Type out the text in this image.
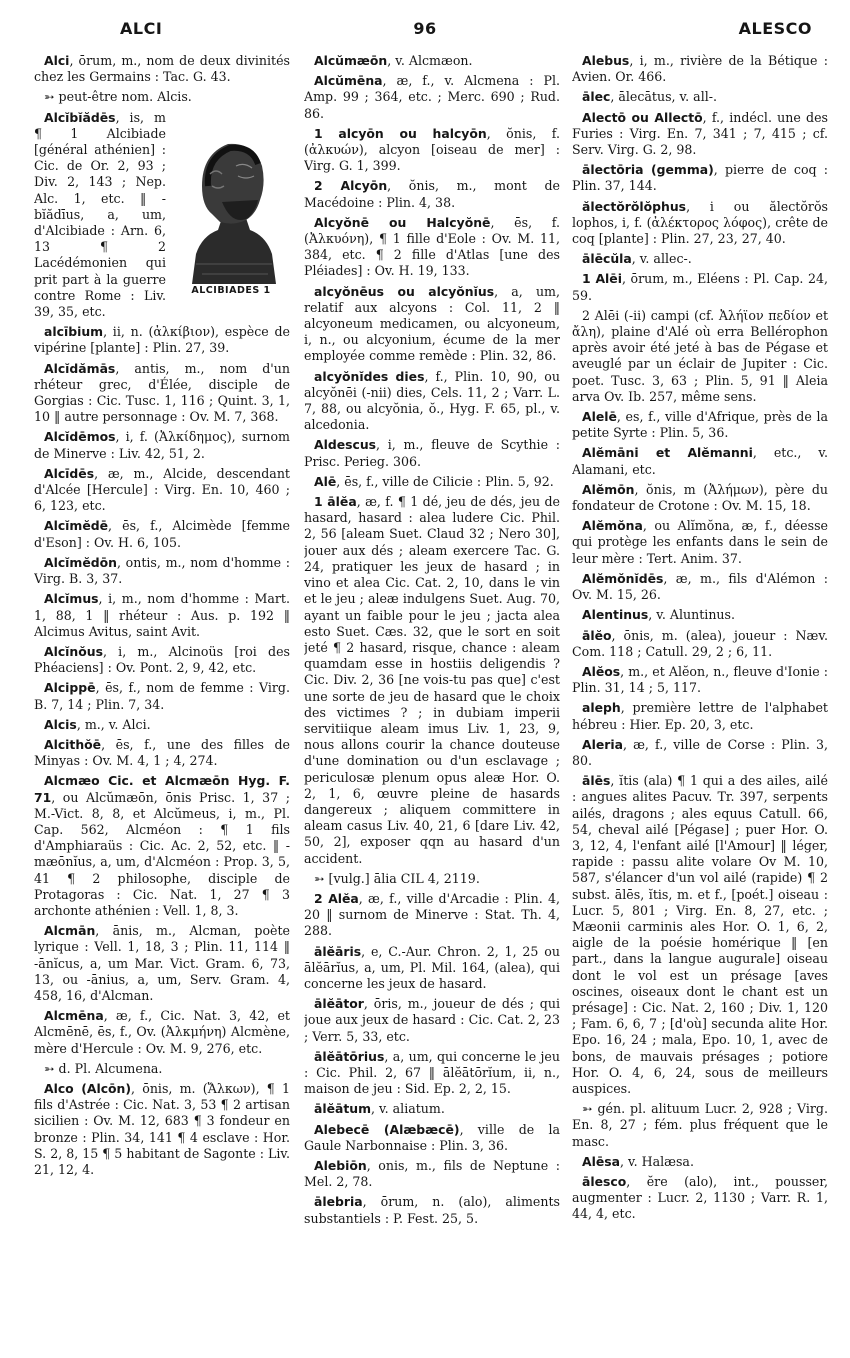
ALCI	96	ALESCO

Alci, ōrum, m., nom de deux divinités chez les Germains : Tac. G. 43.

➳ peut-être nom. Alcis.

ALCIBIADES 1

Alcĭbĭădēs, is, m ¶ 1 Alcibiade [général athénien] : Cic. de Or. 2, 93 ; Div. 2, 143 ; Nep. Alc. 1, etc. ‖ -bĭădīus, a, um, d'Alcibiade : Arn. 6, 13 ¶ 2 Lacédémonien qui prit part à la guerre contre Rome : Liv. 39, 35, etc.

alcībium, ii, n. (ἀλκίβιον), espèce de vipérine [plante] : Plin. 27, 39.

Alcĭdămās, antis, m., nom d'un rhéteur grec, d'Élée, disciple de Gorgias : Cic. Tusc. 1, 116 ; Quint. 3, 1, 10 ‖ autre personnage : Ov. M. 7, 368.

Alcĭdēmos, i, f. (Ἀλκίδημος), surnom de Minerve : Liv. 42, 51, 2.

Alcīdēs, æ, m., Alcide, descendant d'Alcée [Hercule] : Virg. En. 10, 460 ; 6, 123, etc.

Alcĭmĕdē, ēs, f., Alcimède [femme d'Eson] : Ov. H. 6, 105.

Alcĭmĕdōn, ontis, m., nom d'homme : Virg. B. 3, 37.

Alcĭmus, i, m., nom d'homme : Mart. 1, 88, 1 ‖ rhéteur : Aus. p. 192 ‖ Alcimus Avitus, saint Avit.

Alcĭnŏus, i, m., Alcinoüs [roi des Phéaciens] : Ov. Pont. 2, 9, 42, etc.

Alcippē, ēs, f., nom de femme : Virg. B. 7, 14 ; Plin. 7, 34.

Alcis, m., v. Alci.

Alcithŏē, ēs, f., une des filles de Minyas : Ov. M. 4, 1 ; 4, 274.

Alcmæo Cic. et Alcmæōn Hyg. F. 71, ou Alcŭmæōn, ōnis Prisc. 1, 37 ; M.-Vict. 8, 8, et Alcŭmeus, i, m., Pl. Cap. 562, Alcméon : ¶ 1 fils d'Amphiaraüs : Cic. Ac. 2, 52, etc. ‖ -mæōnĭus, a, um, d'Alcméon : Prop. 3, 5, 41 ¶ 2 philosophe, disciple de Protagoras : Cic. Nat. 1, 27 ¶ 3 archonte athénien : Vell. 1, 8, 3.

Alcmān, ānis, m., Alcman, poète lyrique : Vell. 1, 18, 3 ; Plin. 11, 114 ‖ -ānĭcus, a, um Mar. Vict. Gram. 6, 73, 13, ou -ānius, a, um, Serv. Gram. 4, 458, 16, d'Alcman.

Alcmēna, æ, f., Cic. Nat. 3, 42, et Alcmēnē, ēs, f., Ov. (Ἀλκμήνη) Alcmène, mère d'Hercule : Ov. M. 9, 276, etc.

➳ d. Pl. Alcumena.

Alco (Alcōn), ōnis, m. (Ἄλκων), ¶ 1 fils d'Astrée : Cic. Nat. 3, 53 ¶ 2 artisan sicilien : Ov. M. 12, 683 ¶ 3 fondeur en bronze : Plin. 34, 141 ¶ 4 esclave : Hor. S. 2, 8, 15 ¶ 5 habitant de Sagonte : Liv. 21, 12, 4.

Alcŭmæōn, v. Alcmæon.

Alcŭmēna, æ, f., v. Alcmena : Pl. Amp. 99 ; 364, etc. ; Merc. 690 ; Rud. 86.

1 alcyōn ou halcyōn, ŏnis, f. (ἀλκυών), alcyon [oiseau de mer] : Virg. G. 1, 399.

2 Alcyōn, ŏnis, m., mont de Macédoine : Plin. 4, 38.

Alcyŏnē ou Halcyŏnē, ēs, f. (Ἀλκυόνη), ¶ 1 fille d'Eole : Ov. M. 11, 384, etc. ¶ 2 fille d'Atlas [une des Pléiades] : Ov. H. 19, 133.

alcyŏnēus ou alcyŏnĭus, a, um, relatif aux alcyons : Col. 11, 2 ‖ alcyoneum medicamen, ou alcyoneum, i, n., ou alcyonium, écume de la mer employée comme remède : Plin. 32, 86.

alcyŏnĭdes dies, f., Plin. 10, 90, ou alcyŏnēi (-nii) dies, Cels. 11, 2 ; Varr. L. 7, 88, ou alcyŏnia, ŏ., Hyg. F. 65, pl., v. alcedonia.

Aldescus, i, m., fleuve de Scythie : Prisc. Perieg. 306.

Alē, ēs, f., ville de Cilicie : Plin. 5, 92.

1 ālĕa, æ, f. ¶ 1 dé, jeu de dés, jeu de hasard, hasard : alea ludere Cic. Phil. 2, 56 [aleam Suet. Claud 32 ; Nero 30], jouer aux dés ; aleam exercere Tac. G. 24, pratiquer les jeux de hasard ; in vino et alea Cic. Cat. 2, 10, dans le vin et le jeu ; aleæ indulgens Suet. Aug. 70, ayant un faible pour le jeu ; jacta alea esto Suet. Cæs. 32, que le sort en soit jeté ¶ 2 hasard, risque, chance : aleam quamdam esse in hostiis deligendis ? Cic. Div. 2, 36 [ne vois-tu pas que] c'est une sorte de jeu de hasard que le choix des victimes ? ; in dubiam imperii servitiique aleam imus Liv. 1, 23, 9, nous allons courir la chance douteuse d'une domination ou d'un esclavage ; periculosæ plenum opus aleæ Hor. O. 2, 1, 6, œuvre pleine de hasards dangereux ; aliquem committere in aleam casus Liv. 40, 21, 6 [dare Liv. 42, 50, 2], exposer qqn au hasard d'un accident.

➳ [vulg.] ālia CIL 4, 2119.

2 Alĕa, æ, f., ville d'Arcadie : Plin. 4, 20 ‖ surnom de Minerve : Stat. Th. 4, 288.

ālĕāris, e, C.-Aur. Chron. 2, 1, 25 ou ālĕārĭus, a, um, Pl. Mil. 164, (alea), qui concerne les jeux de hasard.

ālĕātor, ōris, m., joueur de dés ; qui joue aux jeux de hasard : Cic. Cat. 2, 23 ; Verr. 5, 33, etc.

ālĕātōrius, a, um, qui concerne le jeu : Cic. Phil. 2, 67 ‖ ālĕātōrĭum, ii, n., maison de jeu : Sid. Ep. 2, 2, 15.

ālĕātum, v. aliatum.

Alebecē (Alæbæcē), ville de la Gaule Narbonnaise : Plin. 3, 36.

Alebiōn, onis, m., fils de Neptune : Mel. 2, 78.

ālebria, ōrum, n. (alo), aliments substantiels : P. Fest. 25, 5.

Alebus, i, m., rivière de la Bétique : Avien. Or. 466.

ālec, ālecātus, v. all-.

Alectō ou Allectō, f., indécl. une des Furies : Virg. En. 7, 341 ; 7, 415 ; cf. Serv. Virg. G. 2, 98.

ālectōria (gemma), pierre de coq : Plin. 37, 144.

ălectŏrŏlŏphus, i ou ălectŏrŏs lophos, i, f. (ἀλέκτορος λόφος), crête de coq [plante] : Plin. 27, 23, 27, 40.

ālēcŭla, v. allec-.

1 Alēi, ōrum, m., Eléens : Pl. Cap. 24, 59.

2 Alēi (-ii) campi (cf. Ἀλήϊον πεδίον et ἄλη), plaine d'Alé où erra Bellérophon après avoir été jeté à bas de Pégase et aveuglé par un éclair de Jupiter : Cic. poet. Tusc. 3, 63 ; Plin. 5, 91 ‖ Aleia arva Ov. Ib. 257, même sens.

Alelē, es, f., ville d'Afrique, près de la petite Syrte : Plin. 5, 36.

Alĕmāni et Alĕmanni, etc., v. Alamani, etc.

Alĕmōn, ŏnis, m (Ἀλήμων), père du fondateur de Crotone : Ov. M. 15, 18.

Alĕmŏna, ou Alĭmŏna, æ, f., déesse qui protège les enfants dans le sein de leur mère : Tert. Anim. 37.

Alĕmŏnĭdēs, æ, m., fils d'Alémon : Ov. M. 15, 26.

Alentinus, v. Aluntinus.

ālĕo, ōnis, m. (alea), joueur : Næv. Com. 118 ; Catull. 29, 2 ; 6, 11.

Alĕos, m., et Alĕon, n., fleuve d'Ionie : Plin. 31, 14 ; 5, 117.

aleph, première lettre de l'alphabet hébreu : Hier. Ep. 20, 3, etc.

Aleria, æ, f., ville de Corse : Plin. 3, 80.

ālēs, ĭtis (ala) ¶ 1 qui a des ailes, ailé : angues alites Pacuv. Tr. 397, serpents ailés, dragons ; ales equus Catull. 66, 54, cheval ailé [Pégase] ; puer Hor. O. 3, 12, 4, l'enfant ailé [l'Amour] ‖ léger, rapide : passu alite volare Ov M. 10, 587, s'élancer d'un vol ailé (rapide) ¶ 2 subst. ālēs, ĭtis, m. et f., [poét.] oiseau : Lucr. 5, 801 ; Virg. En. 8, 27, etc. ; Mæonii carminis ales Hor. O. 1, 6, 2, aigle de la poésie homérique ‖ [en part., dans la langue augurale] oiseau dont le vol est un présage [aves oscines, oiseaux dont le chant est un présage] : Cic. Nat. 2, 160 ; Div. 1, 120 ; Fam. 6, 6, 7 ; [d'où] secunda alite Hor. Epo. 16, 24 ; mala, Epo. 10, 1, avec de bons, de mauvais présages ; potiore Hor. O. 4, 6, 24, sous de meilleurs auspices.

➳ gén. pl. alituum Lucr. 2, 928 ; Virg. En. 8, 27 ; fém. plus fréquent que le masc.

Alēsa, v. Halæsa.

ālesco, ĕre (alo), int., pousser, augmenter : Lucr. 2, 1130 ; Varr. R. 1, 44, 4, etc.
